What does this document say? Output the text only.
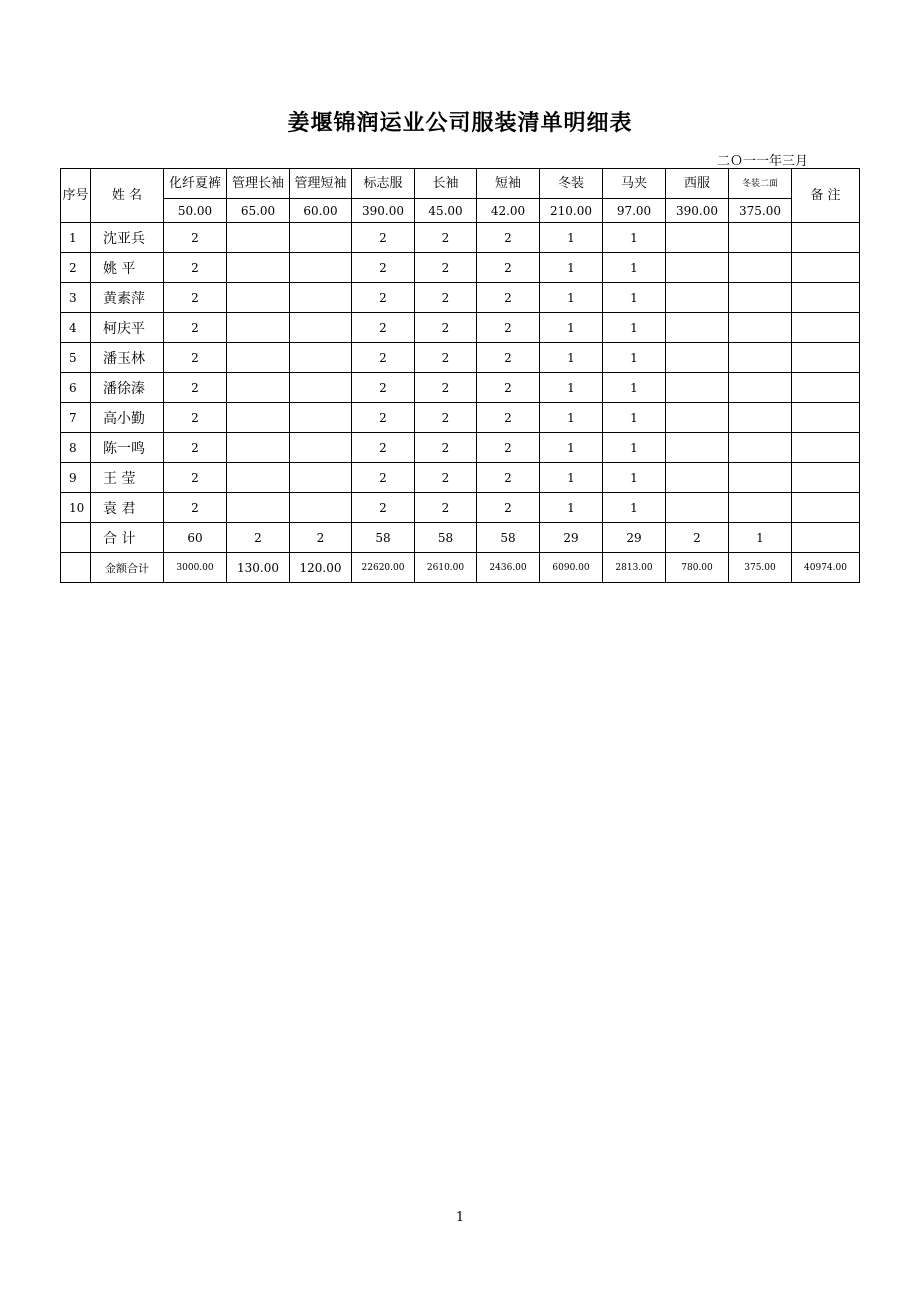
姜堰锦润运业公司服装清单明细表
二Ｏ一一年三月
序号	姓 名	化纤夏裤	管理长袖	管理短袖	标志服	长袖	短袖	冬装	马夹	西服	冬装二面	备 注
		50.00	65.00	60.00	390.00	45.00	42.00	210.00	97.00	390.00	375.00	
1	沈亚兵	2			2	2	2	1	1			
2	姚 平	2			2	2	2	1	1			
3	黄素萍	2			2	2	2	1	1			
4	柯庆平	2			2	2	2	1	1			
5	潘玉林	2			2	2	2	1	1			
6	潘徐溱	2			2	2	2	1	1			
7	高小勤	2			2	2	2	1	1			
8	陈一鸣	2			2	2	2	1	1			
9	王 莹	2			2	2	2	1	1			
10	袁 君	2			2	2	2	1	1			
	合 计	60	2	2	58	58	58	29	29	2	1	
	金额合计	3000.00	130.00	120.00	22620.00	2610.00	2436.00	6090.00	2813.00	780.00	375.00	40974.00
1
